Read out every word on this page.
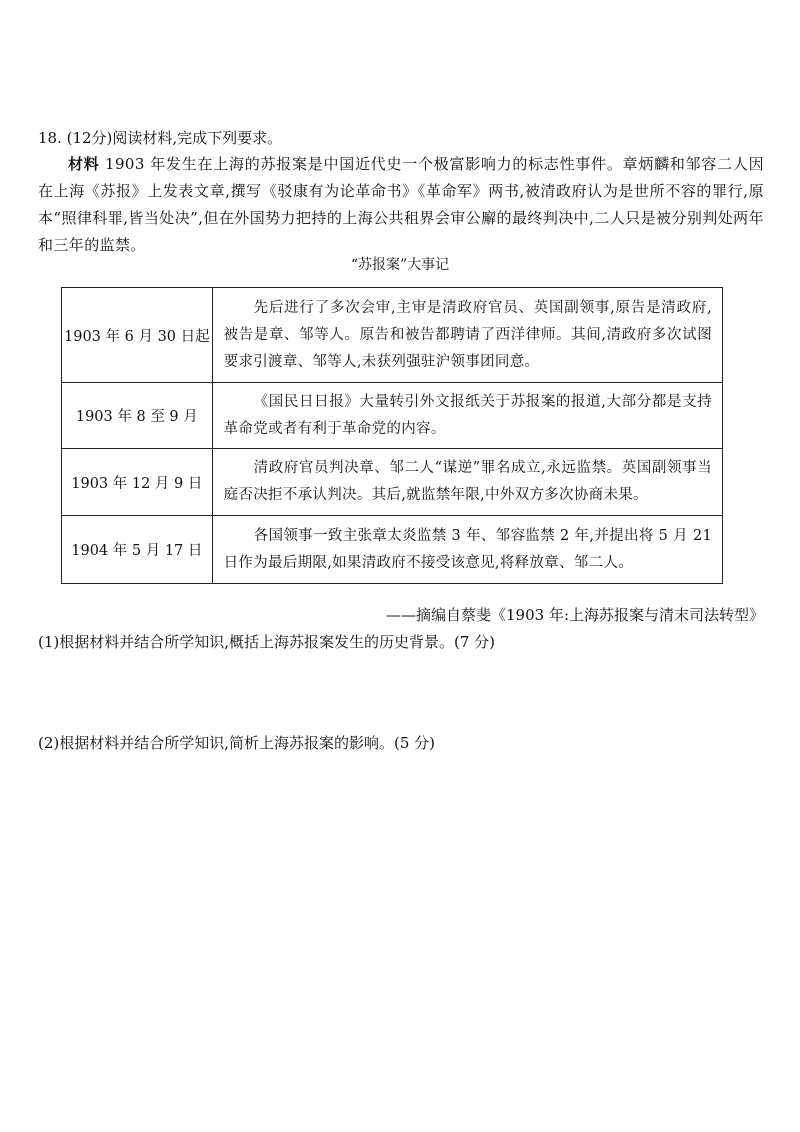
18. (12分)阅读材料,完成下列要求。
材料 1903 年发生在上海的苏报案是中国近代史一个极富影响力的标志性事件。章炳麟和邹容二人因在上海《苏报》上发表文章,撰写《驳康有为论革命书》《革命军》两书,被清政府认为是世所不容的罪行,原本“照律科罪,皆当处决”,但在外国势力把持的上海公共租界会审公廨的最终判决中,二人只是被分别判处两年和三年的监禁。
“苏报案”大事记
1903 年 6 月 30 日起	先后进行了多次会审,主审是清政府官员、英国副领事,原告是清政府,被告是章、邹等人。原告和被告都聘请了西洋律师。其间,清政府多次试图要求引渡章、邹等人,未获列强驻沪领事团同意。
1903 年 8 至 9 月	《国民日日报》大量转引外文报纸关于苏报案的报道,大部分都是支持革命党或者有利于革命党的内容。
1903 年 12 月 9 日	清政府官员判决章、邹二人“谋逆”罪名成立,永远监禁。英国副领事当庭否决拒不承认判决。其后,就监禁年限,中外双方多次协商未果。
1904 年 5 月 17 日	各国领事一致主张章太炎监禁 3 年、邹容监禁 2 年,并提出将 5 月 21 日作为最后期限,如果清政府不接受该意见,将释放章、邹二人。
——摘编自蔡斐《1903 年:上海苏报案与清末司法转型》
(1)根据材料并结合所学知识,概括上海苏报案发生的历史背景。(7 分)
(2)根据材料并结合所学知识,简析上海苏报案的影响。(5 分)
